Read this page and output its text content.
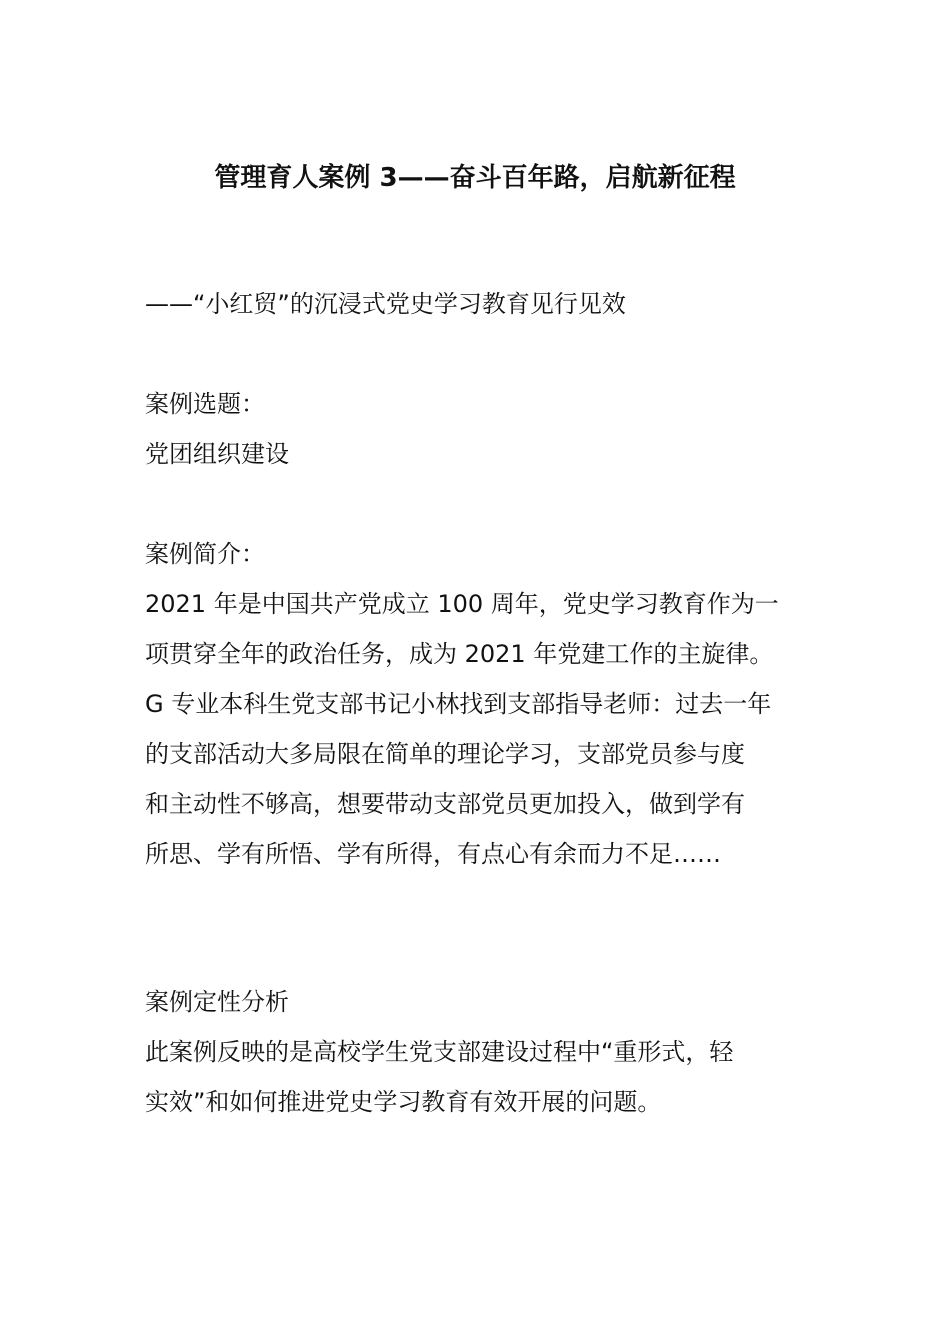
管理育人案例 3——奋斗百年路，启航新征程
——“小红贸”的沉浸式党史学习教育见行见效
案例选题：
党团组织建设
案例简介：
2021 年是中国共产党成立 100 周年，党史学习教育作为一
项贯穿全年的政治任务，成为 2021 年党建工作的主旋律。
G 专业本科生党支部书记小林找到支部指导老师：过去一年
的支部活动大多局限在简单的理论学习，支部党员参与度
和主动性不够高，想要带动支部党员更加投入，做到学有
所思、学有所悟、学有所得，有点心有余而力不足……
案例定性分析
此案例反映的是高校学生党支部建设过程中“重形式，轻
实效”和如何推进党史学习教育有效开展的问题。
